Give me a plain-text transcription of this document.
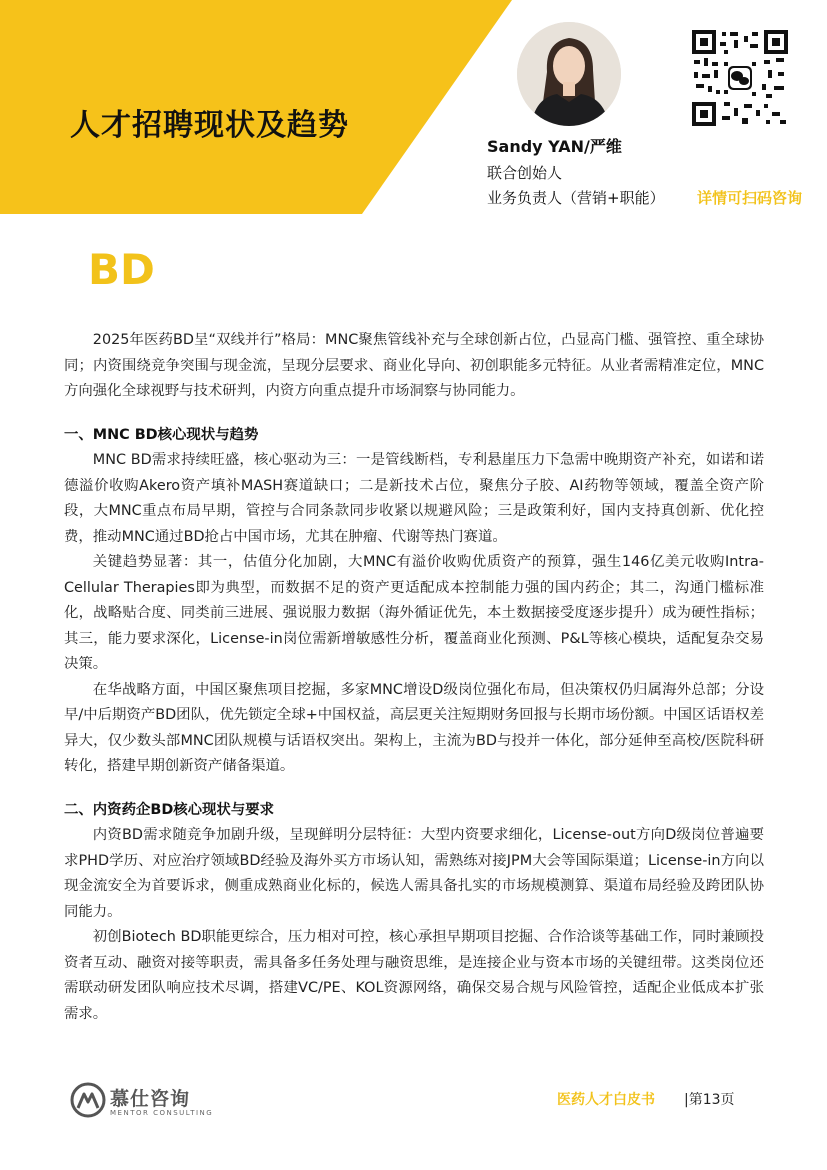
人才招聘现状及趋势
Sandy YAN/严维
联合创始人
业务负责人（营销+职能） 详情可扫码咨询
BD

2025年医药BD呈“双线并行”格局：MNC聚焦管线补充与全球创新占位，凸显高门槛、强管控、重全球协同；内资围绕竞争突围与现金流，呈现分层要求、商业化导向、初创职能多元特征。从业者需精准定位，MNC方向强化全球视野与技术研判，内资方向重点提升市场洞察与协同能力。

一、MNC BD核心现状与趋势

MNC BD需求持续旺盛，核心驱动为三：一是管线断档，专利悬崖压力下急需中晚期资产补充，如诺和诺德溢价收购Akero资产填补MASH赛道缺口；二是新技术占位，聚焦分子胶、AI药物等领域，覆盖全资产阶段，大MNC重点布局早期，管控与合同条款同步收紧以规避风险；三是政策利好，国内支持真创新、优化控费，推动MNC通过BD抢占中国市场，尤其在肿瘤、代谢等热门赛道。

关键趋势显著：其一，估值分化加剧，大MNC有溢价收购优质资产的预算，强生146亿美元收购Intra-Cellular Therapies即为典型，而数据不足的资产更适配成本控制能力强的国内药企；其二，沟通门槛标准化，战略贴合度、同类前三进展、强说服力数据（海外循证优先，本土数据接受度逐步提升）成为硬性指标；其三，能力要求深化，License-in岗位需新增敏感性分析，覆盖商业化预测、P&L等核心模块，适配复杂交易决策。

在华战略方面，中国区聚焦项目挖掘，多家MNC增设D级岗位强化布局，但决策权仍归属海外总部；分设早/中后期资产BD团队，优先锁定全球+中国权益，高层更关注短期财务回报与长期市场份额。中国区话语权差异大，仅少数头部MNC团队规模与话语权突出。架构上，主流为BD与投并一体化，部分延伸至高校/医院科研转化，搭建早期创新资产储备渠道。

二、内资药企BD核心现状与要求

内资BD需求随竞争加剧升级，呈现鲜明分层特征：大型内资要求细化，License-out方向D级岗位普遍要求PHD学历、对应治疗领域BD经验及海外买方市场认知，需熟练对接JPM大会等国际渠道；License-in方向以现金流安全为首要诉求，侧重成熟商业化标的，候选人需具备扎实的市场规模测算、渠道布局经验及跨团队协同能力。

初创Biotech BD职能更综合，压力相对可控，核心承担早期项目挖掘、合作洽谈等基础工作，同时兼顾投资者互动、融资对接等职责，需具备多任务处理与融资思维，是连接企业与资本市场的关键纽带。这类岗位还需联动研发团队响应技术尽调，搭建VC/PE、KOL资源网络，确保交易合规与风险管控，适配企业低成本扩张需求。

慕仕咨询
MENTOR CONSULTING
医药人才白皮书 |第13页
